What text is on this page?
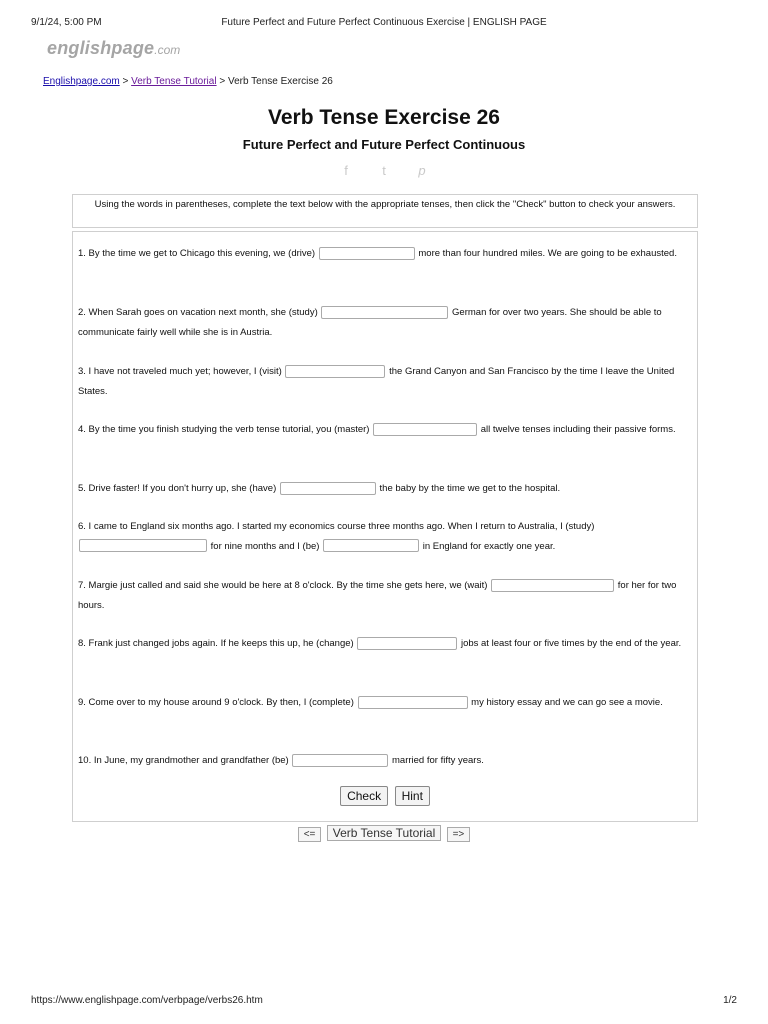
9/1/24, 5:00 PM	Future Perfect and Future Perfect Continuous Exercise | ENGLISH PAGE
englishpage.com
Englishpage.com > Verb Tense Tutorial > Verb Tense Exercise 26
Verb Tense Exercise 26
Future Perfect and Future Perfect Continuous
f	t	p
Using the words in parentheses, complete the text below with the appropriate tenses, then click the "Check" button to check your answers.
1. By the time we get to Chicago this evening, we (drive)	more than four hundred miles. We are going to be exhausted.
2. When Sarah goes on vacation next month, she (study)	German for over two years. She should be able to communicate fairly well while she is in Austria.
3. I have not traveled much yet; however, I (visit)	the Grand Canyon and San Francisco by the time I leave the United States.
4. By the time you finish studying the verb tense tutorial, you (master)	all twelve tenses including their passive forms.
5. Drive faster! If you don't hurry up, she (have)	the baby by the time we get to the hospital.
6. I came to England six months ago. I started my economics course three months ago. When I return to Australia, I (study)  for nine months and I (be)	in England for exactly one year.
7. Margie just called and said she would be here at 8 o'clock. By the time she gets here, we (wait)	for her for two hours.
8. Frank just changed jobs again. If he keeps this up, he (change)	jobs at least four or five times by the end of the year.
9. Come over to my house around 9 o'clock. By then, I (complete)	my history essay and we can go see a movie.
10. In June, my grandmother and grandfather (be)	married for fifty years.
Check Hint
<= Verb Tense Tutorial =>
https://www.englishpage.com/verbpage/verbs26.htm	1/2
